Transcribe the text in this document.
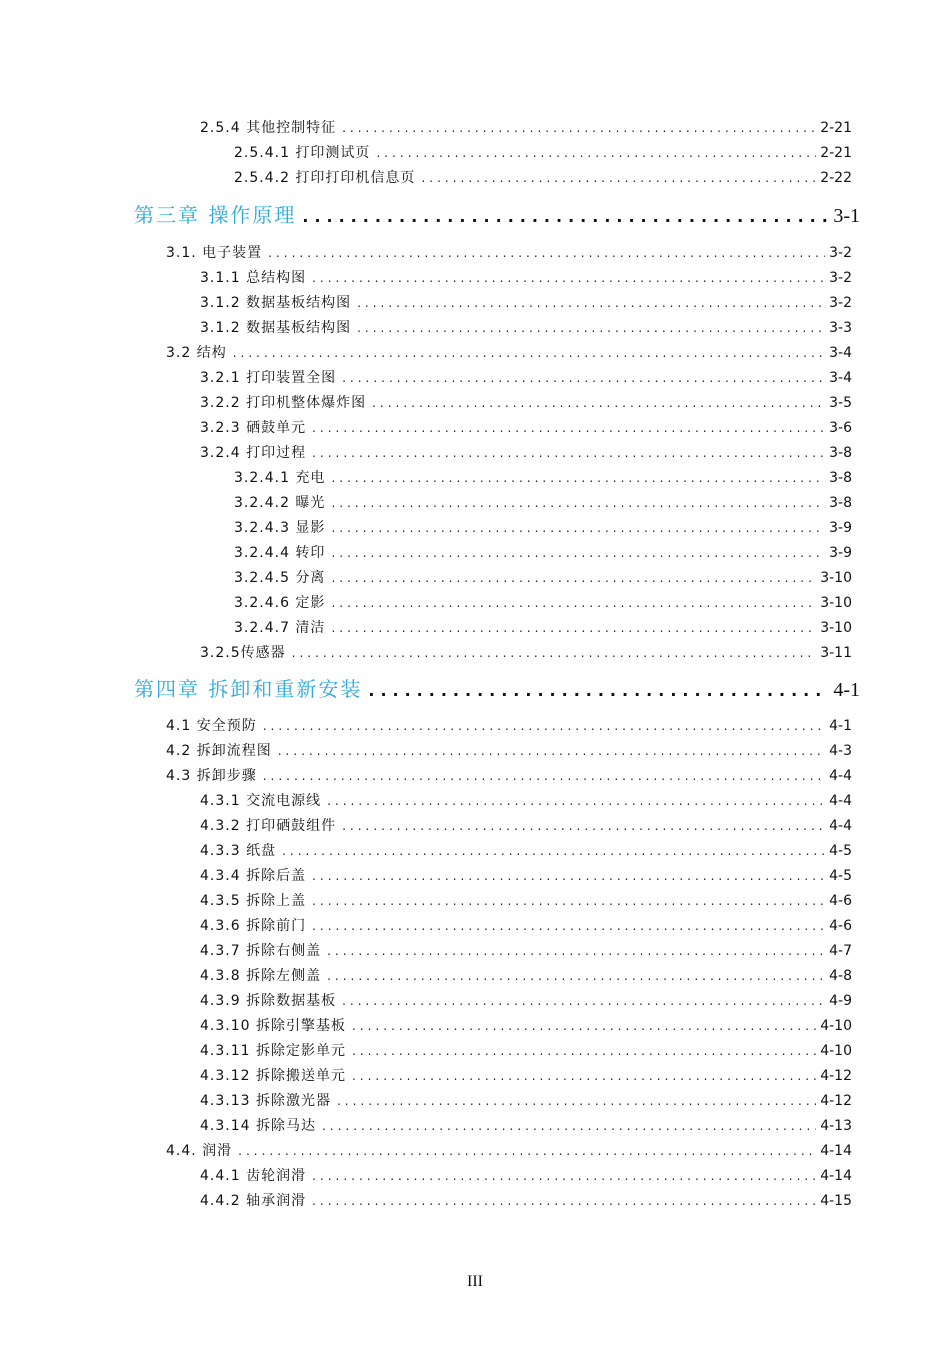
2.5.4 其他控制特征 .....	2-21
2.5.4.1 打印测试页 .....	2-21
2.5.4.2 打印打印机信息页 .....	2-22
第三章 操作原理 .....	3-1
3.1. 电子装置 .....	3-2
3.1.1 总结构图 .....	3-2
3.1.2 数据基板结构图 .....	3-2
3.1.2 数据基板结构图 .....	3-3
3.2 结构 .....	3-4
3.2.1 打印装置全图 .....	3-4
3.2.2 打印机整体爆炸图 .....	3-5
3.2.3 硒鼓单元 .....	3-6
3.2.4 打印过程 .....	3-8
3.2.4.1 充电 .....	3-8
3.2.4.2 曝光 .....	3-8
3.2.4.3 显影 .....	3-9
3.2.4.4 转印 .....	3-9
3.2.4.5 分离 .....	3-10
3.2.4.6 定影 .....	3-10
3.2.4.7 清洁 .....	3-10
3.2.5传感器 .....	3-11
第四章 拆卸和重新安装 .....	4-1
4.1 安全预防 .....	4-1
4.2 拆卸流程图 .....	4-3
4.3 拆卸步骤 .....	4-4
4.3.1 交流电源线 .....	4-4
4.3.2 打印硒鼓组件 .....	4-4
4.3.3 纸盘 .....	4-5
4.3.4 拆除后盖 .....	4-5
4.3.5 拆除上盖 .....	4-6
4.3.6 拆除前门 .....	4-6
4.3.7 拆除右侧盖 .....	4-7
4.3.8 拆除左侧盖 .....	4-8
4.3.9 拆除数据基板 .....	4-9
4.3.10 拆除引擎基板 .....	4-10
4.3.11 拆除定影单元 .....	4-10
4.3.12 拆除搬送单元 .....	4-12
4.3.13 拆除激光器 .....	4-12
4.3.14 拆除马达 .....	4-13
4.4. 润滑 .....	4-14
4.4.1 齿轮润滑 .....	4-14
4.4.2 轴承润滑 .....	4-15
III
